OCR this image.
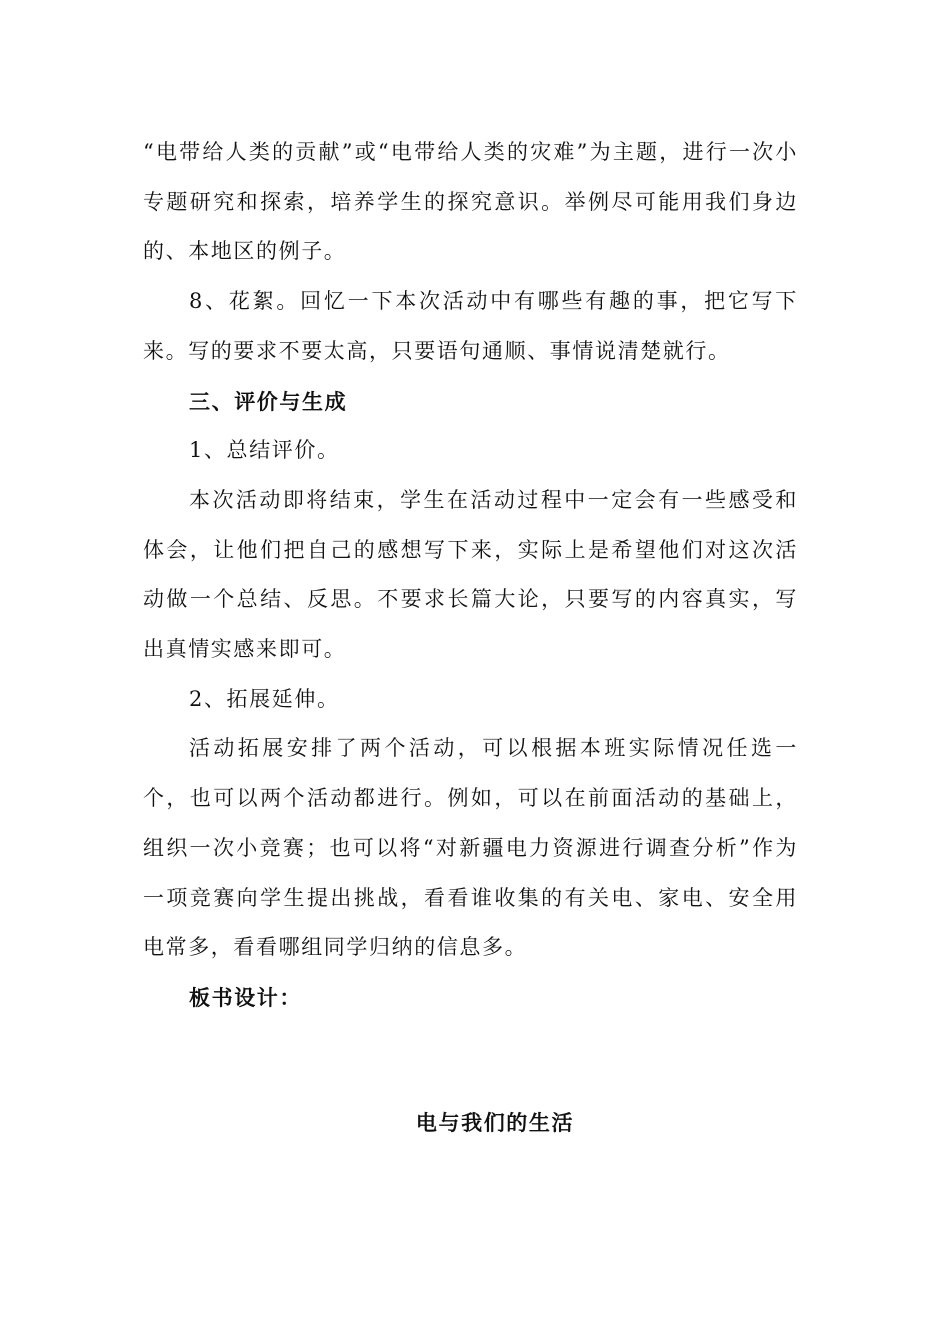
“电带给人类的贡献”或“电带给人类的灾难”为主题，进行一次小专题研究和探索，培养学生的探究意识。举例尽可能用我们身边的、本地区的例子。

8、花絮。回忆一下本次活动中有哪些有趣的事，把它写下来。写的要求不要太高，只要语句通顺、事情说清楚就行。

三、评价与生成

1、总结评价。

本次活动即将结束，学生在活动过程中一定会有一些感受和体会，让他们把自己的感想写下来，实际上是希望他们对这次活动做一个总结、反思。不要求长篇大论，只要写的内容真实，写出真情实感来即可。

2、拓展延伸。

活动拓展安排了两个活动，可以根据本班实际情况任选一个，也可以两个活动都进行。例如，可以在前面活动的基础上，组织一次小竞赛；也可以将“对新疆电力资源进行调查分析”作为一项竞赛向学生提出挑战，看看谁收集的有关电、家电、安全用电常多，看看哪组同学归纳的信息多。

板书设计：

电与我们的生活
